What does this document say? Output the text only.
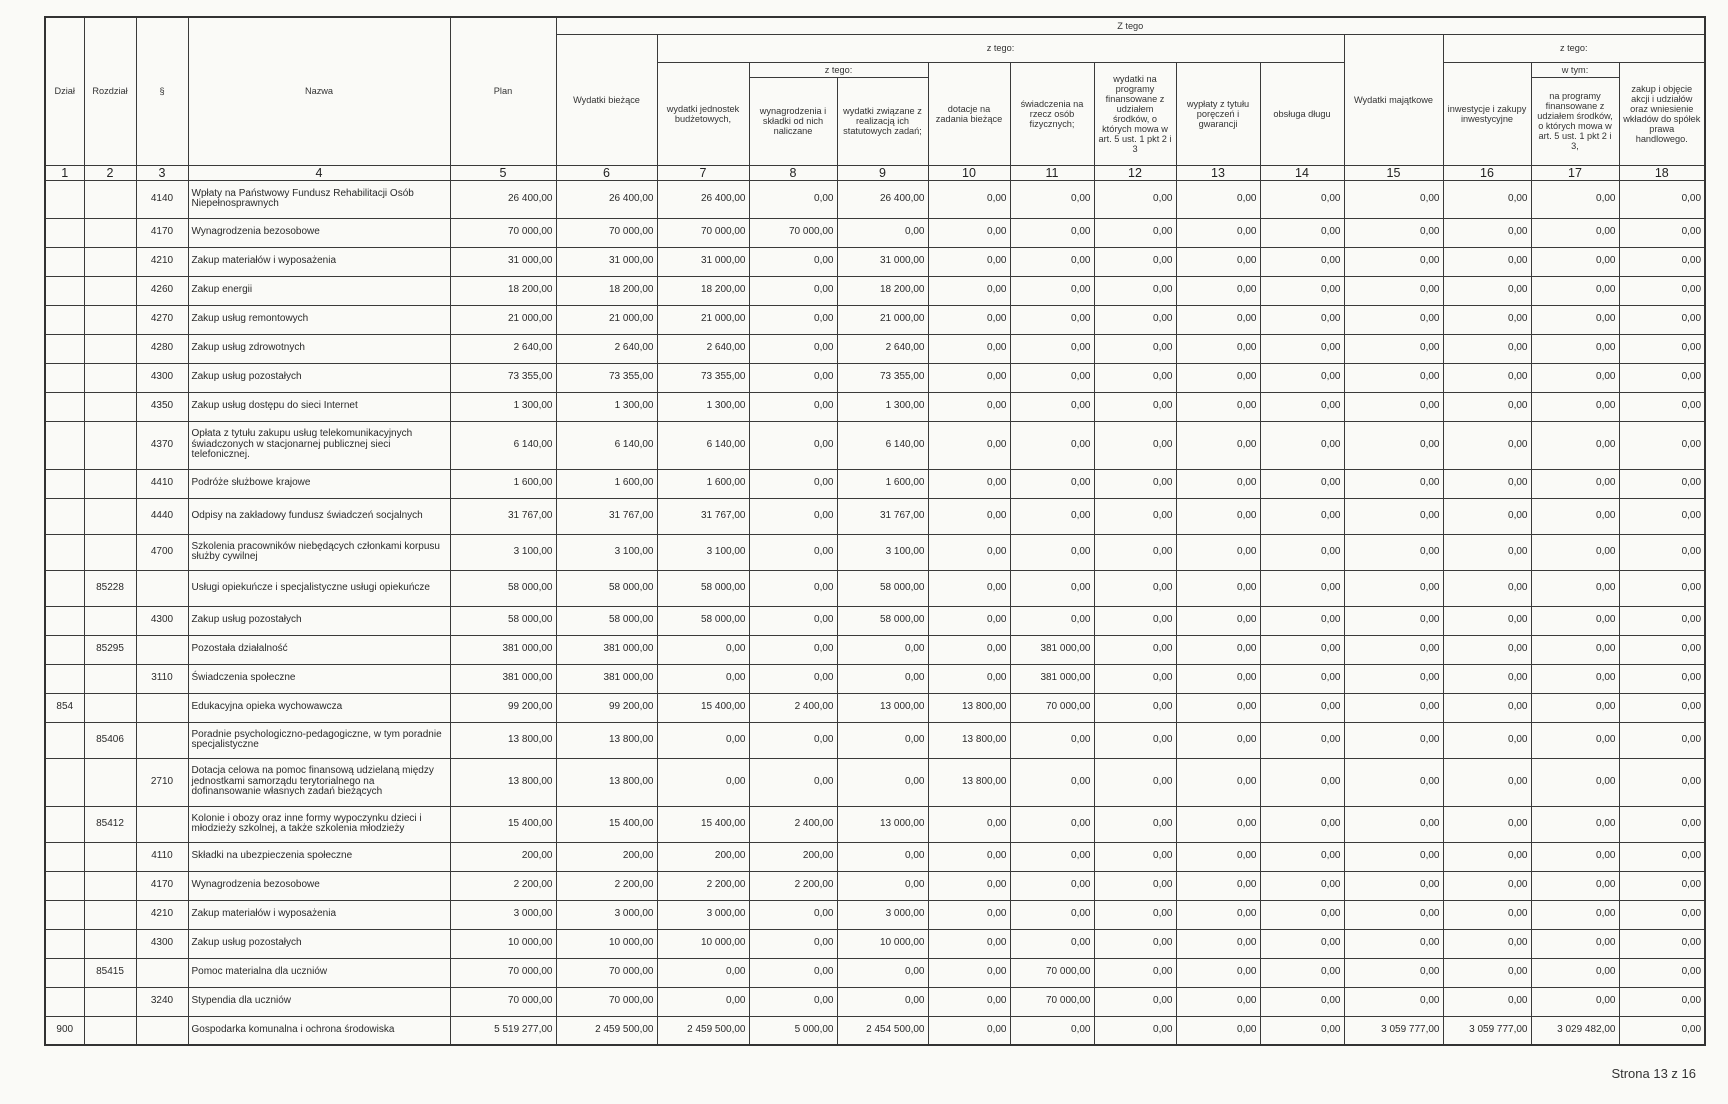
Dział	Rozdział	§	Nazwa	Plan	Z tego												
					Wydatki bieżące	z tego:								Wydatki majątkowe	z tego:		
						wydatki jednostek budżetowych,	z tego:		dotacje na zadania bieżące	świadczenia na rzecz osób fizycznych;	wydatki na programy finansowane z udziałem środków, o których mowa w art. 5 ust. 1 pkt 2 i 3	wypłaty z tytułu poręczeń i gwarancji	obsługa długu		inwestycje i zakupy inwestycyjne	w tym:	zakup i objęcie akcji i udziałów oraz wniesienie wkładów do spółek prawa handlowego.
							wynagrodzenia i składki od nich naliczane	wydatki związane z realizacją ich statutowych zadań;								na programy finansowane z udziałem środków, o których mowa w art. 5 ust. 1 pkt 2 i 3,	

1	2	3	4	5	6	7	8	9	10	11	12	13	14	15	16	17	18
		4140	Wpłaty na Państwowy Fundusz Rehabilitacji Osób Niepełnosprawnych	26 400,00	26 400,00	26 400,00	0,00	26 400,00	0,00	0,00	0,00	0,00	0,00	0,00	0,00	0,00	0,00
		4170	Wynagrodzenia bezosobowe	70 000,00	70 000,00	70 000,00	70 000,00	0,00	0,00	0,00	0,00	0,00	0,00	0,00	0,00	0,00	0,00
		4210	Zakup materiałów i wyposażenia	31 000,00	31 000,00	31 000,00	0,00	31 000,00	0,00	0,00	0,00	0,00	0,00	0,00	0,00	0,00	0,00
		4260	Zakup energii	18 200,00	18 200,00	18 200,00	0,00	18 200,00	0,00	0,00	0,00	0,00	0,00	0,00	0,00	0,00	0,00
		4270	Zakup usług remontowych	21 000,00	21 000,00	21 000,00	0,00	21 000,00	0,00	0,00	0,00	0,00	0,00	0,00	0,00	0,00	0,00
		4280	Zakup usług zdrowotnych	2 640,00	2 640,00	2 640,00	0,00	2 640,00	0,00	0,00	0,00	0,00	0,00	0,00	0,00	0,00	0,00
		4300	Zakup usług pozostałych	73 355,00	73 355,00	73 355,00	0,00	73 355,00	0,00	0,00	0,00	0,00	0,00	0,00	0,00	0,00	0,00
		4350	Zakup usług dostępu do sieci Internet	1 300,00	1 300,00	1 300,00	0,00	1 300,00	0,00	0,00	0,00	0,00	0,00	0,00	0,00	0,00	0,00
		4370	Opłata z tytułu zakupu usług telekomunikacyjnych świadczonych w stacjonarnej publicznej sieci telefonicznej.	6 140,00	6 140,00	6 140,00	0,00	6 140,00	0,00	0,00	0,00	0,00	0,00	0,00	0,00	0,00	0,00
		4410	Podróże służbowe krajowe	1 600,00	1 600,00	1 600,00	0,00	1 600,00	0,00	0,00	0,00	0,00	0,00	0,00	0,00	0,00	0,00
		4440	Odpisy na zakładowy fundusz świadczeń socjalnych	31 767,00	31 767,00	31 767,00	0,00	31 767,00	0,00	0,00	0,00	0,00	0,00	0,00	0,00	0,00	0,00
		4700	Szkolenia pracowników niebędących członkami korpusu służby cywilnej	3 100,00	3 100,00	3 100,00	0,00	3 100,00	0,00	0,00	0,00	0,00	0,00	0,00	0,00	0,00	0,00
	85228		Usługi opiekuńcze i specjalistyczne usługi opiekuńcze	58 000,00	58 000,00	58 000,00	0,00	58 000,00	0,00	0,00	0,00	0,00	0,00	0,00	0,00	0,00	0,00
		4300	Zakup usług pozostałych	58 000,00	58 000,00	58 000,00	0,00	58 000,00	0,00	0,00	0,00	0,00	0,00	0,00	0,00	0,00	0,00
	85295		Pozostała działalność	381 000,00	381 000,00	0,00	0,00	0,00	0,00	381 000,00	0,00	0,00	0,00	0,00	0,00	0,00	0,00
		3110	Świadczenia społeczne	381 000,00	381 000,00	0,00	0,00	0,00	0,00	381 000,00	0,00	0,00	0,00	0,00	0,00	0,00	0,00
854			Edukacyjna opieka wychowawcza	99 200,00	99 200,00	15 400,00	2 400,00	13 000,00	13 800,00	70 000,00	0,00	0,00	0,00	0,00	0,00	0,00	0,00
	85406		Poradnie psychologiczno-pedagogiczne, w tym poradnie specjalistyczne	13 800,00	13 800,00	0,00	0,00	0,00	13 800,00	0,00	0,00	0,00	0,00	0,00	0,00	0,00	0,00
		2710	Dotacja celowa na pomoc finansową udzielaną między jednostkami samorządu terytorialnego na dofinansowanie własnych zadań bieżących	13 800,00	13 800,00	0,00	0,00	0,00	13 800,00	0,00	0,00	0,00	0,00	0,00	0,00	0,00	0,00
	85412		Kolonie i obozy oraz inne formy wypoczynku dzieci i młodzieży szkolnej, a także szkolenia młodzieży	15 400,00	15 400,00	15 400,00	2 400,00	13 000,00	0,00	0,00	0,00	0,00	0,00	0,00	0,00	0,00	0,00
		4110	Składki na ubezpieczenia społeczne	200,00	200,00	200,00	200,00	0,00	0,00	0,00	0,00	0,00	0,00	0,00	0,00	0,00	0,00
		4170	Wynagrodzenia bezosobowe	2 200,00	2 200,00	2 200,00	2 200,00	0,00	0,00	0,00	0,00	0,00	0,00	0,00	0,00	0,00	0,00
		4210	Zakup materiałów i wyposażenia	3 000,00	3 000,00	3 000,00	0,00	3 000,00	0,00	0,00	0,00	0,00	0,00	0,00	0,00	0,00	0,00
		4300	Zakup usług pozostałych	10 000,00	10 000,00	10 000,00	0,00	10 000,00	0,00	0,00	0,00	0,00	0,00	0,00	0,00	0,00	0,00
	85415		Pomoc materialna dla uczniów	70 000,00	70 000,00	0,00	0,00	0,00	0,00	70 000,00	0,00	0,00	0,00	0,00	0,00	0,00	0,00
		3240	Stypendia dla uczniów	70 000,00	70 000,00	0,00	0,00	0,00	0,00	70 000,00	0,00	0,00	0,00	0,00	0,00	0,00	0,00
900			Gospodarka komunalna i ochrona środowiska	5 519 277,00	2 459 500,00	2 459 500,00	5 000,00	2 454 500,00	0,00	0,00	0,00	0,00	0,00	3 059 777,00	3 059 777,00	3 029 482,00	0,00
Strona 13 z 16
